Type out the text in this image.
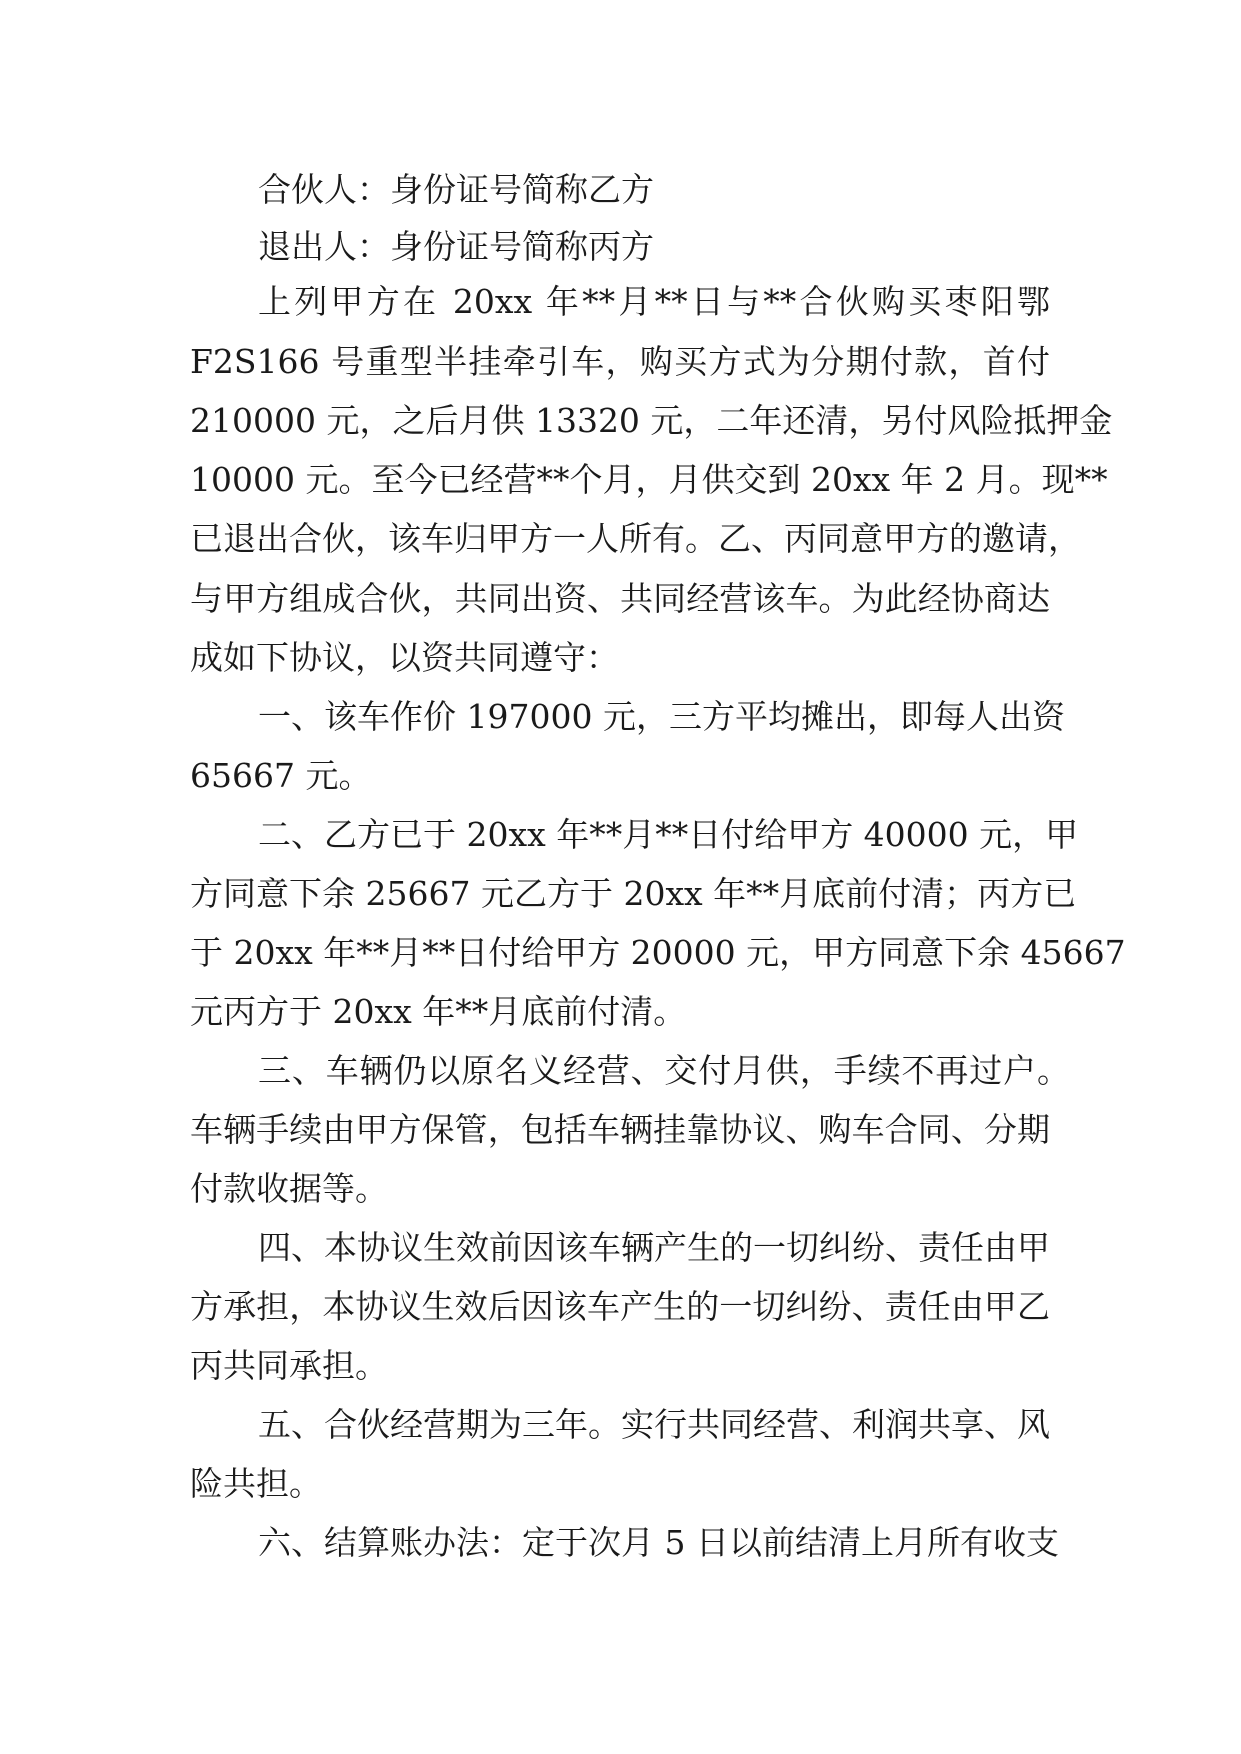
合伙人：身份证号简称乙方
退出人：身份证号简称丙方
上列甲方在 20xx 年**月**日与**合伙购买枣阳鄂
F2S166 号重型半挂牵引车，购买方式为分期付款，首付
210000 元，之后月供 13320 元，二年还清，另付风险抵押金
10000 元。至今已经营**个月，月供交到 20xx 年 2 月。现**
已退出合伙，该车归甲方一人所有。乙、丙同意甲方的邀请，
与甲方组成合伙，共同出资、共同经营该车。为此经协商达
成如下协议，以资共同遵守：
一、该车作价 197000 元，三方平均摊出，即每人出资
65667 元。
二、乙方已于 20xx 年**月**日付给甲方 40000 元，甲
方同意下余 25667 元乙方于 20xx 年**月底前付清；丙方已
于 20xx 年**月**日付给甲方 20000 元，甲方同意下余 45667
元丙方于 20xx 年**月底前付清。
三、车辆仍以原名义经营、交付月供，手续不再过户。
车辆手续由甲方保管，包括车辆挂靠协议、购车合同、分期
付款收据等。
四、本协议生效前因该车辆产生的一切纠纷、责任由甲
方承担，本协议生效后因该车产生的一切纠纷、责任由甲乙
丙共同承担。
五、合伙经营期为三年。实行共同经营、利润共享、风
险共担。
六、结算账办法：定于次月 5 日以前结清上月所有收支
